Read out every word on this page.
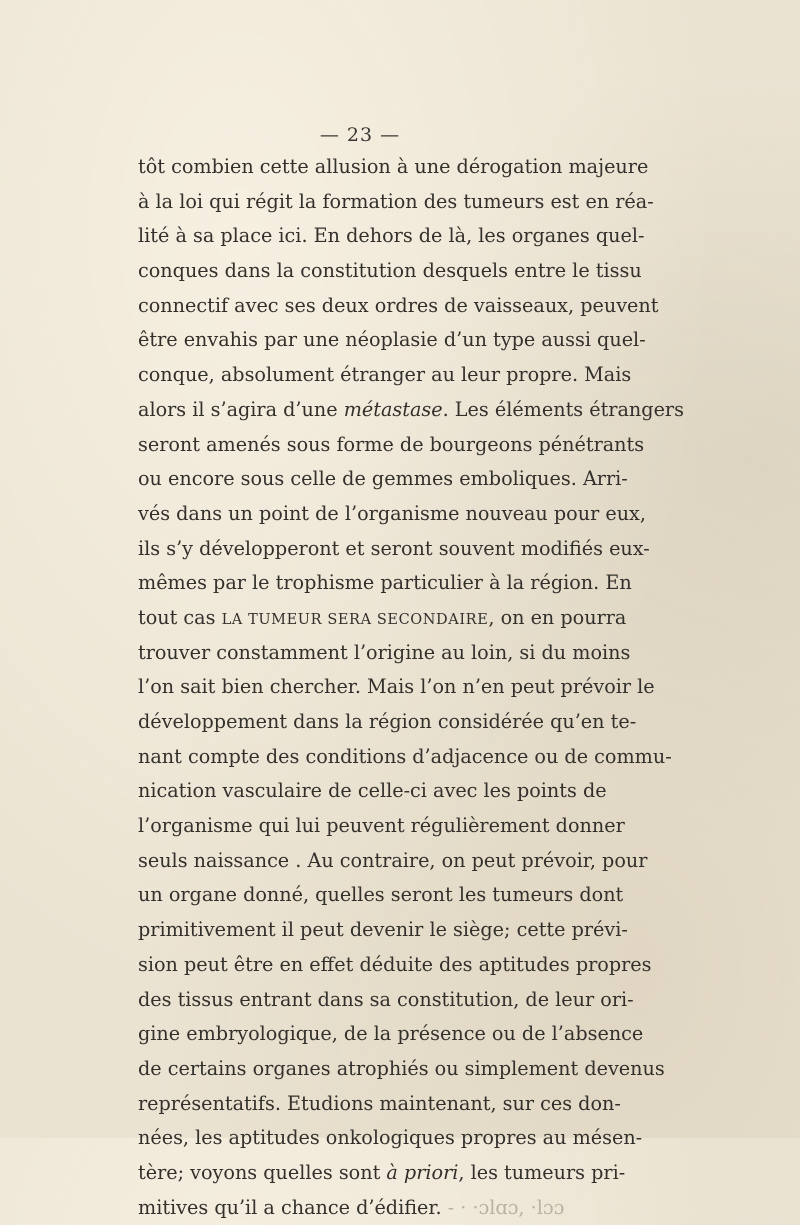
— 23 —
tôt combien cette allusion à une dérogation majeure
à la loi qui régit la formation des tumeurs est en réa-
lité à sa place ici. En dehors de là, les organes quel-
conques dans la constitution desquels entre le tissu
connectif avec ses deux ordres de vaisseaux, peuvent
être envahis par une néoplasie d’un type aussi quel-
conque, absolument étranger au leur propre. Mais
alors il s’agira d’une métastase. Les éléments étrangers
seront amenés sous forme de bourgeons pénétrants
ou encore sous celle de gemmes emboliques. Arri-
vés dans un point de l’organisme nouveau pour eux,
ils s’y développeront et seront souvent modifiés eux-
mêmes par le trophisme particulier à la région. En
tout cas LA TUMEUR SERA SECONDAIRE, on en pourra
trouver constamment l’origine au loin, si du moins
l’on sait bien chercher. Mais l’on n’en peut prévoir le
développement dans la région considérée qu’en te-
nant compte des conditions d’adjacence ou de commu-
nication vasculaire de celle-ci avec les points de
l’organisme qui lui peuvent régulièrement donner
seuls naissance . Au contraire, on peut prévoir, pour
un organe donné, quelles seront les tumeurs dont
primitivement il peut devenir le siège; cette prévi-
sion peut être en effet déduite des aptitudes propres
des tissus entrant dans sa constitution, de leur ori-
gine embryologique, de la présence ou de l’absence
de certains organes atrophiés ou simplement devenus
représentatifs. Etudions maintenant, sur ces don-
nées, les aptitudes onkologiques propres au mésen-
tère; voyons quelles sont à priori, les tumeurs pri-
mitives qu’il a chance d’édifier. - · ·ɔlɑɔ, ·lɔɔ
